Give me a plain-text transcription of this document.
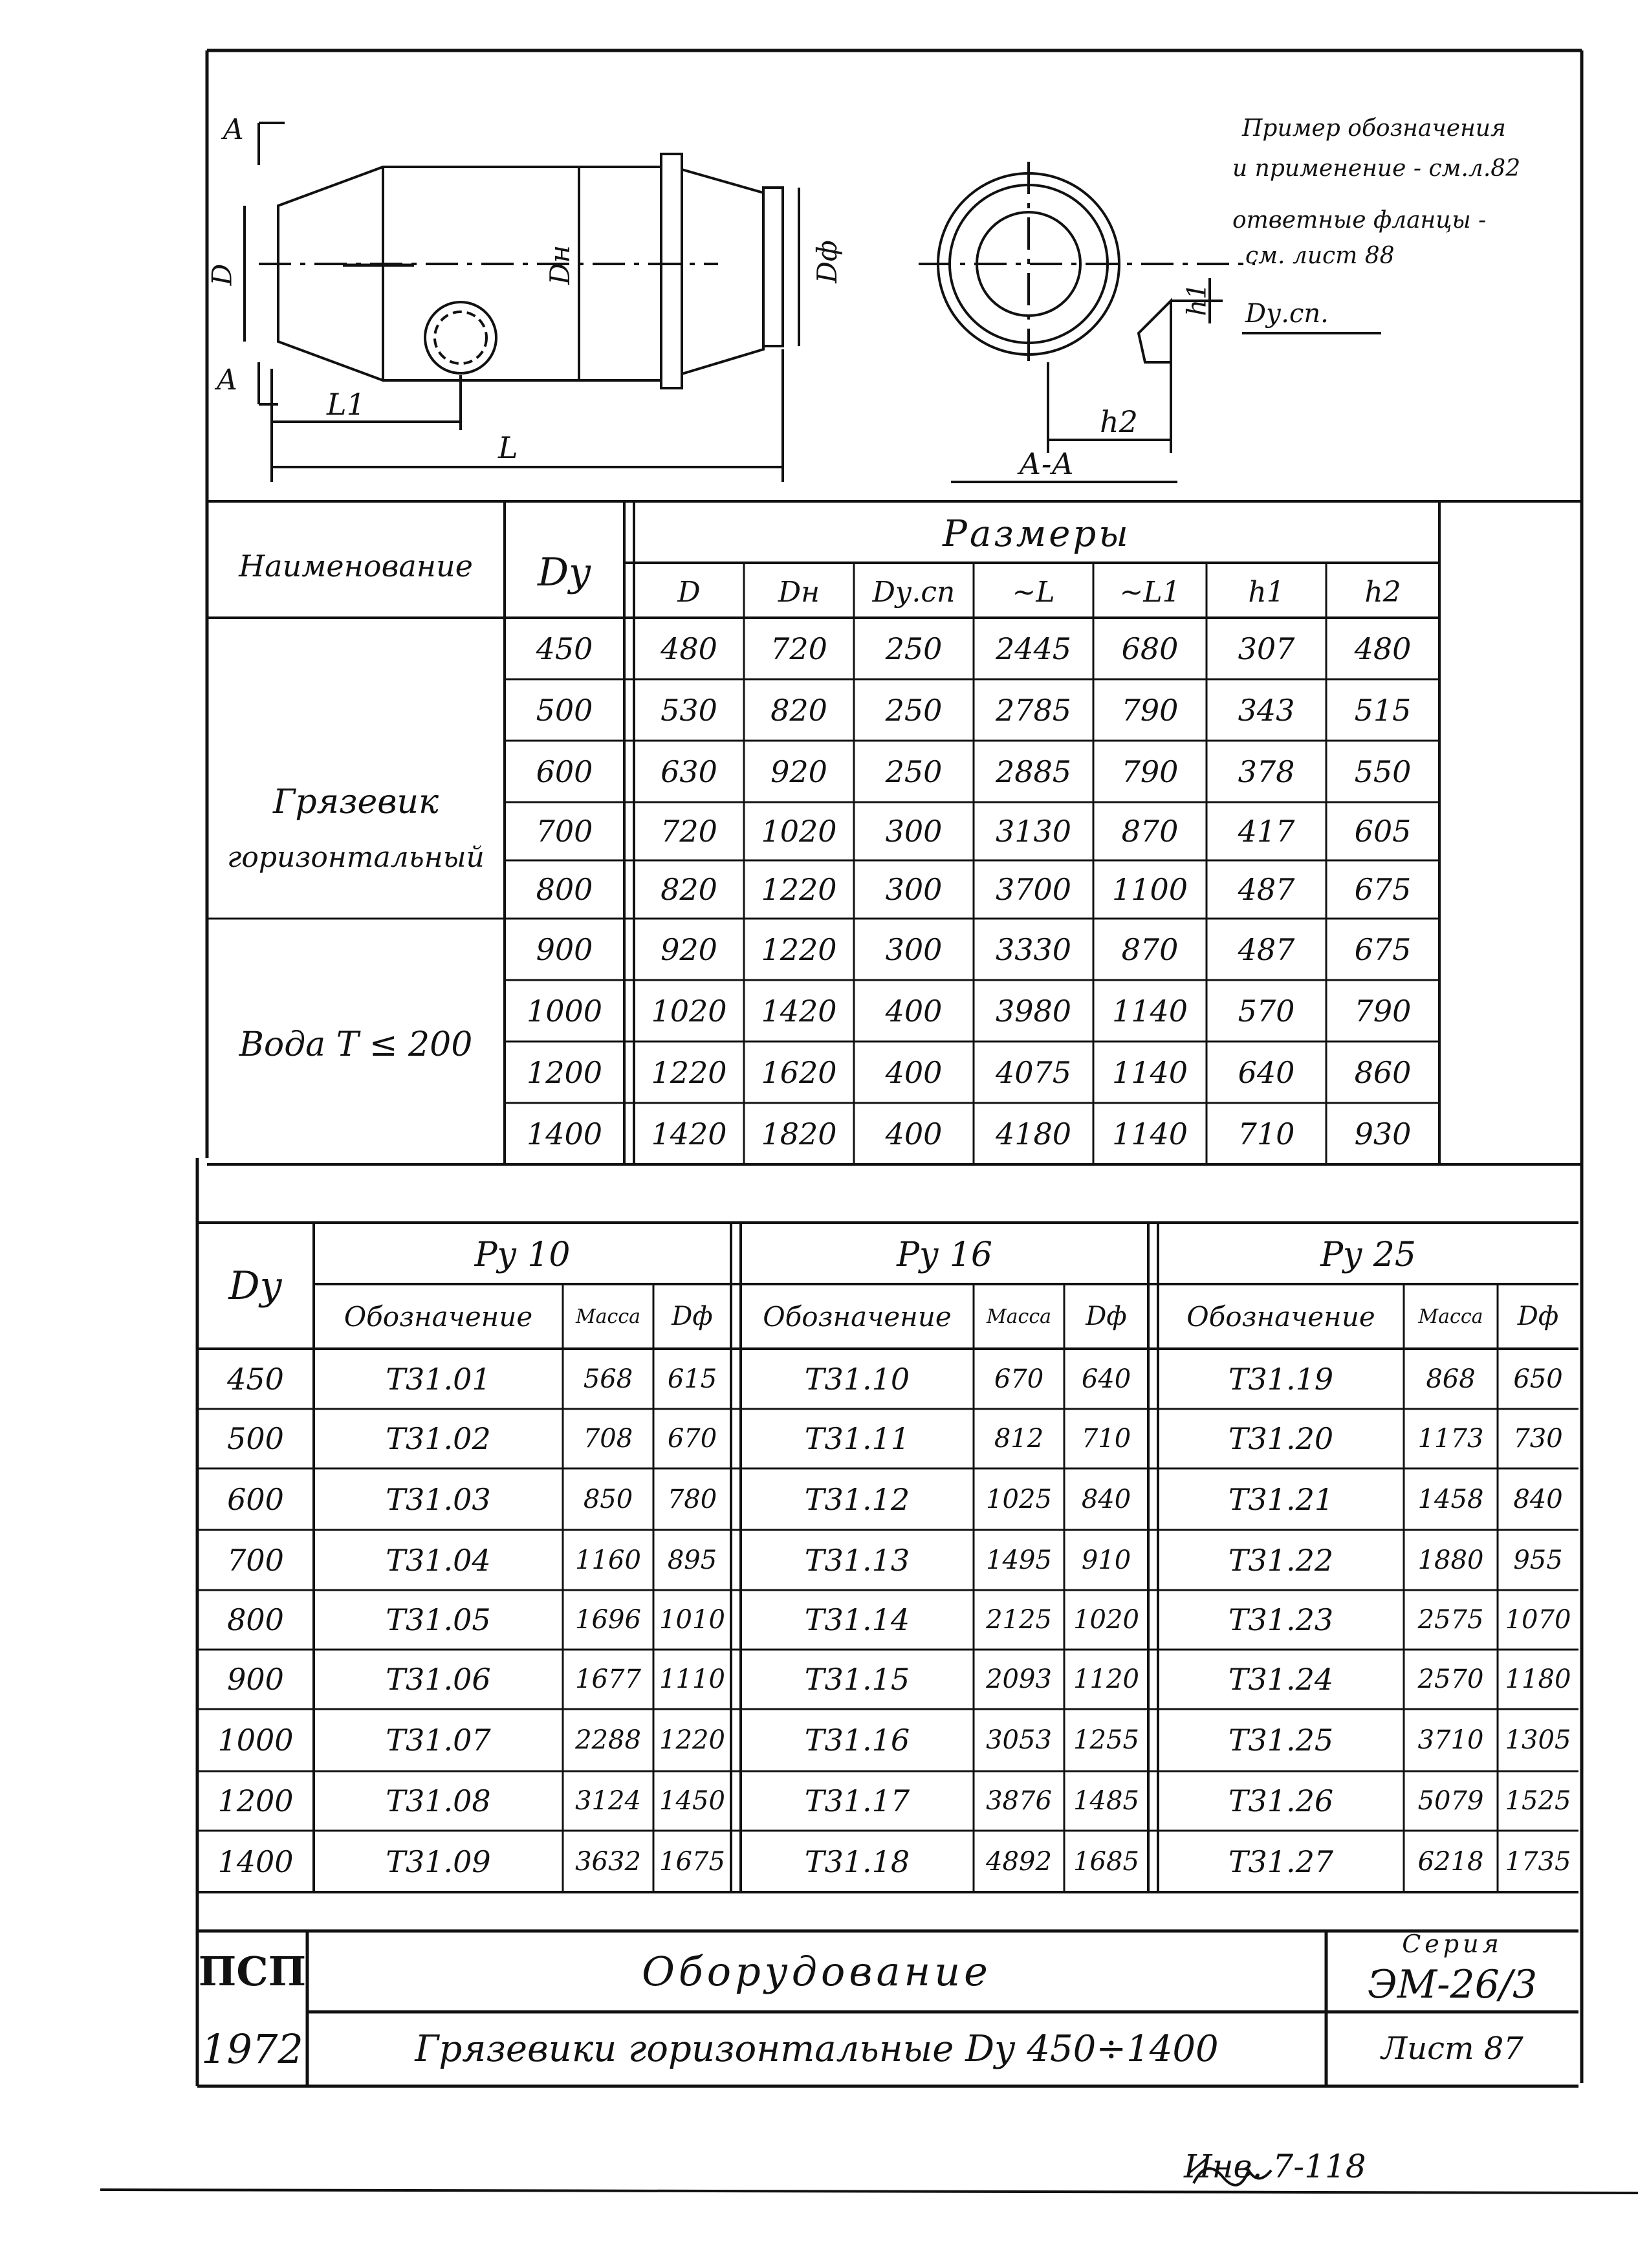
Пример обозначения
и применение - см.л.82
ответные фланцы -
см. лист 88
A
A
D	Dн	Dф
L1
L
h1
h2
Dу.сп.
А-А
Наименование	Dу
Размеры
D	Dн	Dу.сп	~L	~L1	h1	h2
Грязевик
горизонтальный
Вода T ≤ 200
450	480	720	250	2445	680	307	480
500	530	820	250	2785	790	343	515
600	630	920	250	2885	790	378	550
700	720	1020	300	3130	870	417	605
800	820	1220	300	3700	1100	487	675
900	920	1220	300	3330	870	487	675
1000	1020	1420	400	3980	1140	570	790
1200	1220	1620	400	4075	1140	640	860
1400	1420	1820	400	4180	1140	710	930
Dу
Pу 10	Pу 16	Pу 25
Обозначение	Масса	Dф	Обозначение	Масса	Dф	Обозначение	Масса	Dф
450	Т31.01	568	615	Т31.10	670	640	Т31.19	868	650
500	Т31.02	708	670	Т31.11	812	710	Т31.20	1173	730
600	Т31.03	850	780	Т31.12	1025	840	Т31.21	1458	840
700	Т31.04	1160	895	Т31.13	1495	910	Т31.22	1880	955
800	Т31.05	1696 1010	Т31.14	2125 1020	Т31.23	2575 1070
900	Т31.06	1677 1110	Т31.15	2093 1120	Т31.24	2570 1180
1000	Т31.07	2288 1220	Т31.16	3053 1255	Т31.25	3710 1305
1200	Т31.08	3124 1450	Т31.17	3876 1485	Т31.26	5079 1525
1400	Т31.09	3632 1675	Т31.18	4892 1685	Т31.27	6218 1735
ПСП
1972
Оборудование
Грязевики горизонтальные Dу 450÷1400
Серия
ЭМ-26/3
Лист 87
Инв. 7-118
